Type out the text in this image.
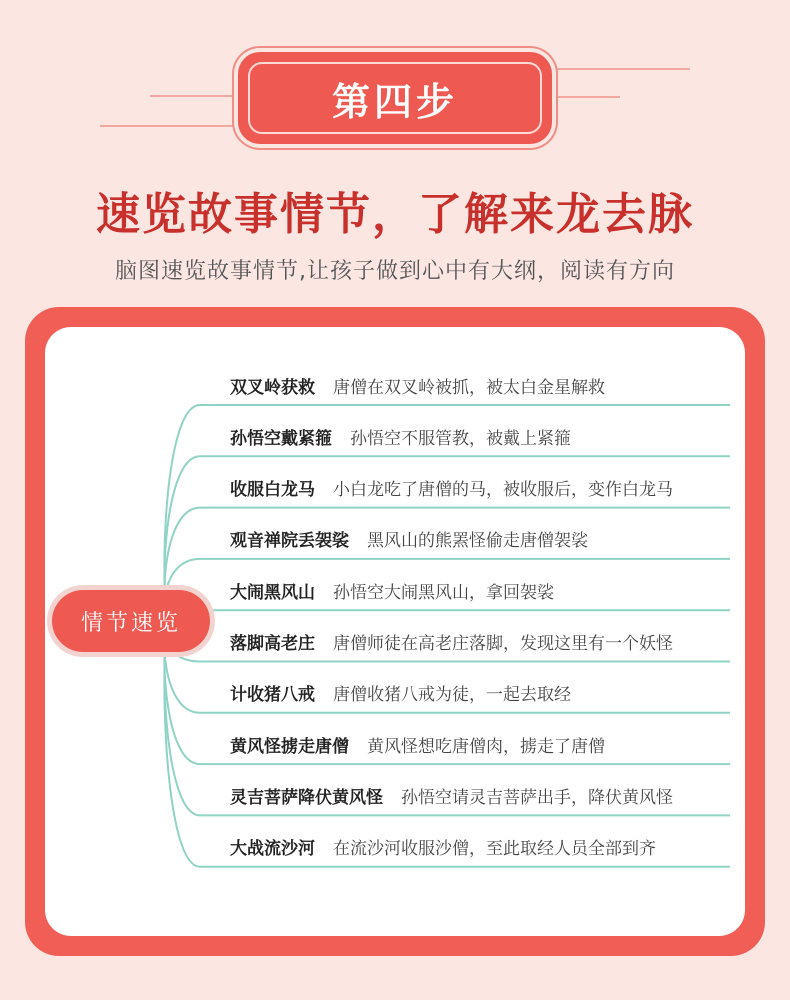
第四步
速览故事情节，了解来龙去脉
脑图速览故事情节,让孩子做到心中有大纲，阅读有方向
情节速览
双叉岭获救 唐僧在双叉岭被抓，被太白金星解救
孙悟空戴紧箍 孙悟空不服管教，被戴上紧箍
收服白龙马 小白龙吃了唐僧的马，被收服后，变作白龙马
观音禅院丢袈裟 黑风山的熊罴怪偷走唐僧袈裟
大闹黑风山 孙悟空大闹黑风山，拿回袈裟
落脚高老庄 唐僧师徒在高老庄落脚，发现这里有一个妖怪
计收猪八戒 唐僧收猪八戒为徒，一起去取经
黄风怪掳走唐僧 黄风怪想吃唐僧肉，掳走了唐僧
灵吉菩萨降伏黄风怪 孙悟空请灵吉菩萨出手，降伏黄风怪
大战流沙河 在流沙河收服沙僧，至此取经人员全部到齐
